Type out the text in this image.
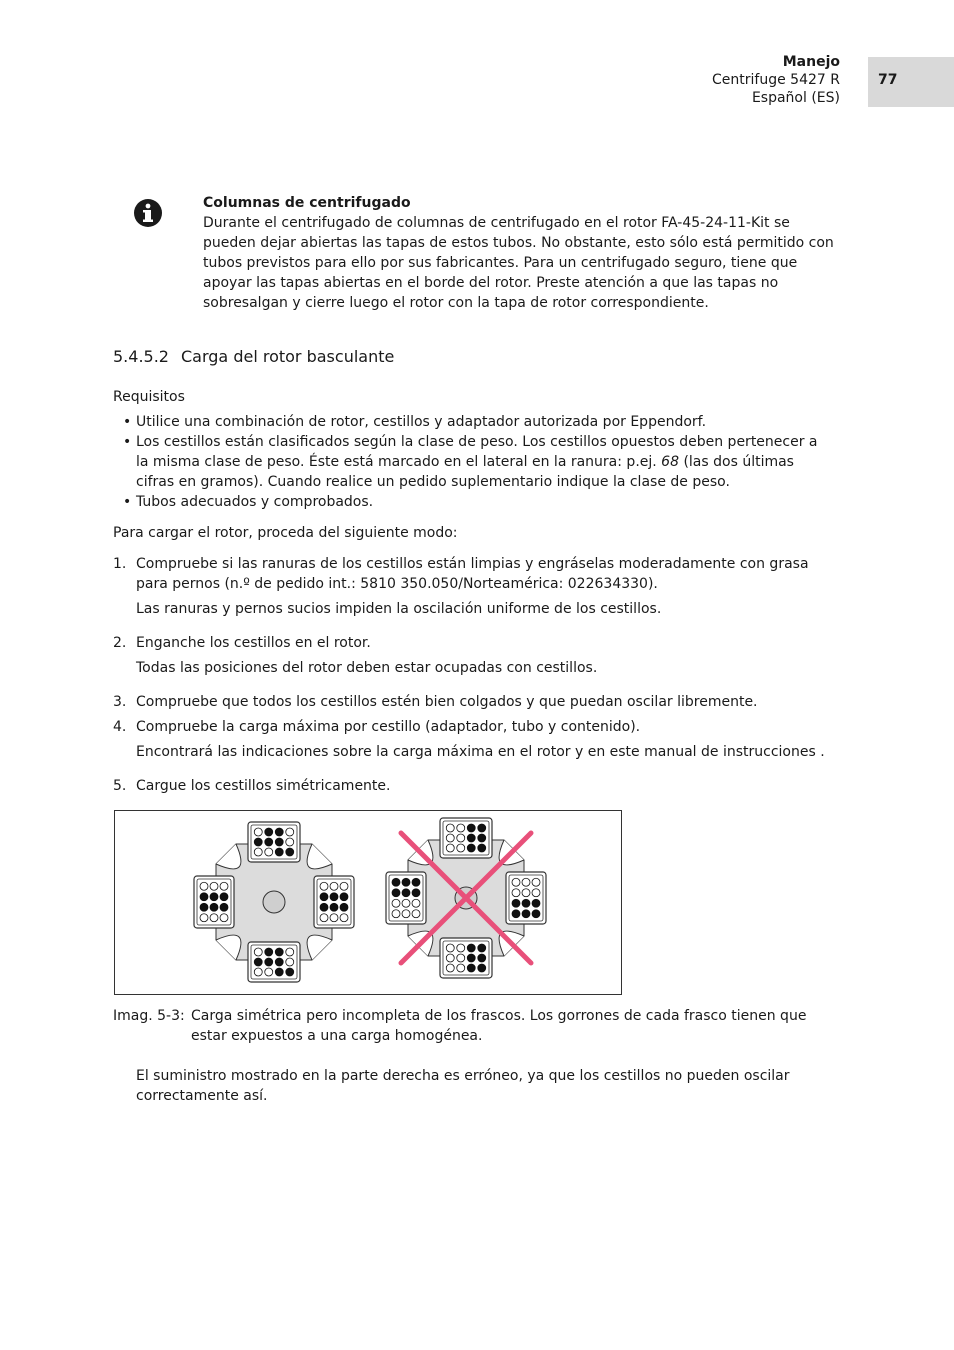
Manejo
Centrifuge 5427 R
Español (ES)
77
Columnas de centrifugado
Durante el centrifugado de columnas de centrifugado en el rotor FA-45-24-11-Kit se pueden dejar abiertas las tapas de estos tubos. No obstante, esto sólo está permitido con tubos previstos para ello por sus fabricantes. Para un centrifugado seguro, tiene que apoyar las tapas abiertas en el borde del rotor. Preste atención a que las tapas no sobresalgan y cierre luego el rotor con la tapa de rotor correspondiente.
5.4.5.2 Carga del rotor basculante
Requisitos
• Utilice una combinación de rotor, cestillos y adaptador autorizada por Eppendorf.
• Los cestillos están clasificados según la clase de peso. Los cestillos opuestos deben pertenecer a la misma clase de peso. Éste está marcado en el lateral en la ranura: p.ej. 68 (las dos últimas cifras en gramos). Cuando realice un pedido suplementario indique la clase de peso.
• Tubos adecuados y comprobados.
Para cargar el rotor, proceda del siguiente modo:
1. Compruebe si las ranuras de los cestillos están limpias y engráselas moderadamente con grasa para pernos (n.º de pedido int.: 5810 350.050/Norteamérica: 022634330).
Las ranuras y pernos sucios impiden la oscilación uniforme de los cestillos.
2. Enganche los cestillos en el rotor.
Todas las posiciones del rotor deben estar ocupadas con cestillos.
3. Compruebe que todos los cestillos estén bien colgados y que puedan oscilar libremente.
4. Compruebe la carga máxima por cestillo (adaptador, tubo y contenido).
Encontrará las indicaciones sobre la carga máxima en el rotor y en este manual de instrucciones .
5. Cargue los cestillos simétricamente.
Imag. 5-3: Carga simétrica pero incompleta de los frascos. Los gorrones de cada frasco tienen que estar expuestos a una carga homogénea.
El suministro mostrado en la parte derecha es erróneo, ya que los cestillos no pueden oscilar correctamente así.
